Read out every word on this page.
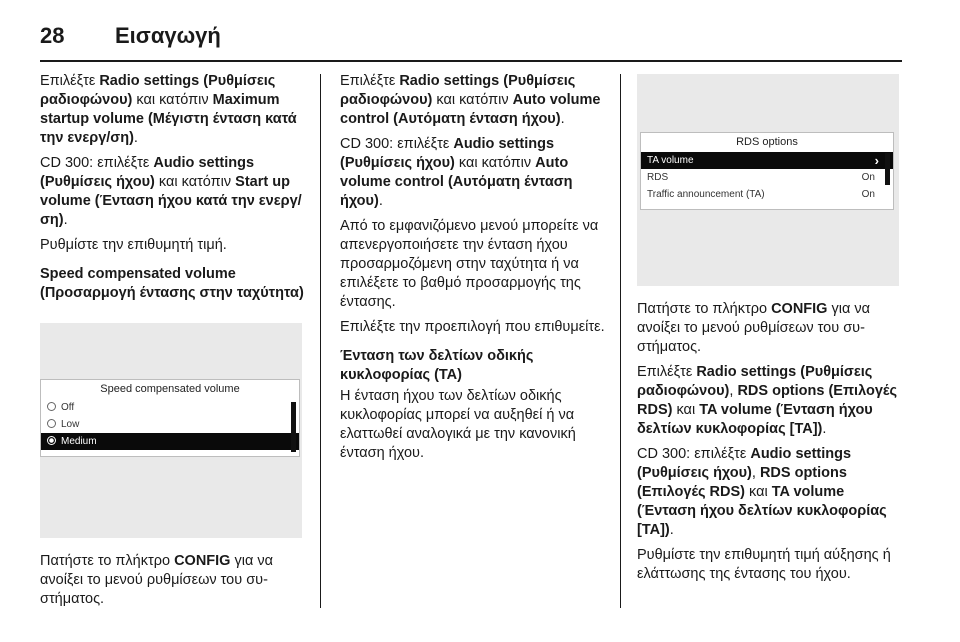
28	Εισαγωγή

Επιλέξτε Radio settings (Ρυθμίσεις ραδιοφώνου) και κατόπιν Maximum startup volume (Μέγιστη ένταση κατά την ενεργ/ση).

CD 300: επιλέξτε Audio settings (Ρυθμίσεις ήχου) και κατόπιν Start up volume (Ένταση ήχου κατά την ενεργ/ση).

Ρυθμίστε την επιθυμητή τιμή.

Speed compensated volume (Προσαρμογή έντασης στην ταχύτητα)
Speed compensated volume
Off
Low
Medium

Πατήστε το πλήκτρο CONFIG για να ανοίξει το μενού ρυθμίσεων του συστήματος.

Επιλέξτε Radio settings (Ρυθμίσεις ραδιοφώνου) και κατόπιν Auto volume control (Αυτόματη ένταση ήχου).

CD 300: επιλέξτε Audio settings (Ρυθμίσεις ήχου) και κατόπιν Auto volume control (Αυτόματη ένταση ήχου).

Από το εμφανιζόμενο μενού μπορείτε να απενεργοποιήσετε την ένταση ήχου προσαρμοζόμενη στην ταχύτητα ή να επιλέξετε το βαθμό προσαρμογής της έντασης.

Επιλέξτε την προεπιλογή που επιθυμείτε.

Ένταση των δελτίων οδικής κυκλοφορίας (TA)

Η ένταση ήχου των δελτίων οδικής κυκλοφορίας μπορεί να αυξηθεί ή να ελαττωθεί αναλογικά με την κανονική ένταση ήχου.

RDS options
TA volume	›
RDS	On
Traffic announcement (TA)	On

Πατήστε το πλήκτρο CONFIG για να ανοίξει το μενού ρυθμίσεων του συστήματος.

Επιλέξτε Radio settings (Ρυθμίσεις ραδιοφώνου), RDS options (Επιλογές RDS) και TA volume (Ένταση ήχου δελτίων κυκλοφορίας [TA]).

CD 300: επιλέξτε Audio settings (Ρυθμίσεις ήχου), RDS options (Επιλογές RDS) και TA volume (Ένταση ήχου δελτίων κυκλοφορίας [TA]).

Ρυθμίστε την επιθυμητή τιμή αύξησης ή ελάττωσης της έντασης του ήχου.
